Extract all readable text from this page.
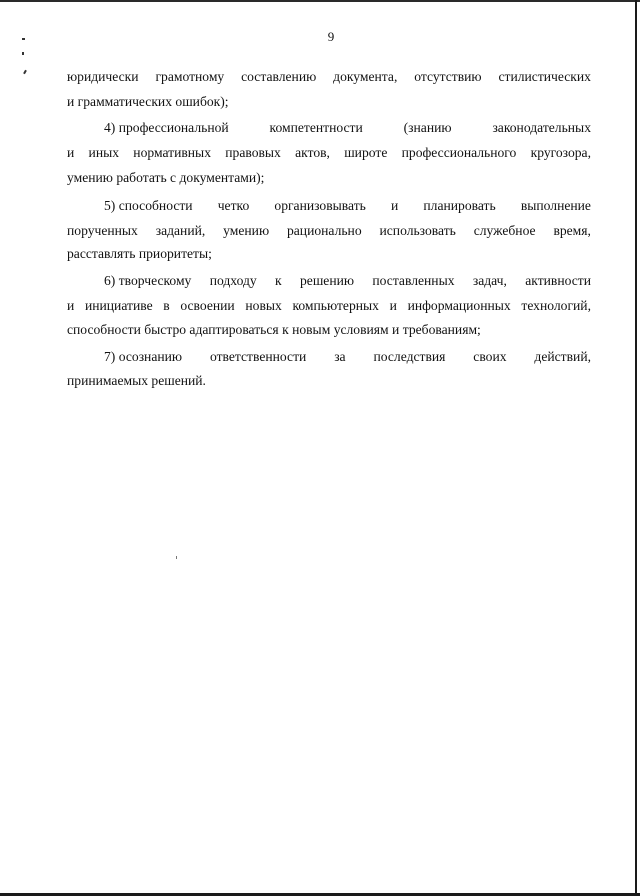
9
юридически грамотному составлению документа, отсутствию стилистических
и грамматических ошибок);
4) профессиональной	компетентности	(знанию	законодательных
и иных нормативных правовых актов, широте профессионального кругозора,
умению работать с документами);
5) способности четко организовывать и планировать выполнение
порученных заданий, умению рационально использовать служебное время,
расставлять приоритеты;
6) творческому подходу к решению поставленных задач, активности
и инициативе в освоении новых компьютерных и информационных технологий,
способности быстро адаптироваться к новым условиям и требованиям;
7) осознанию ответственности за последствия своих действий,
принимаемых решений.
